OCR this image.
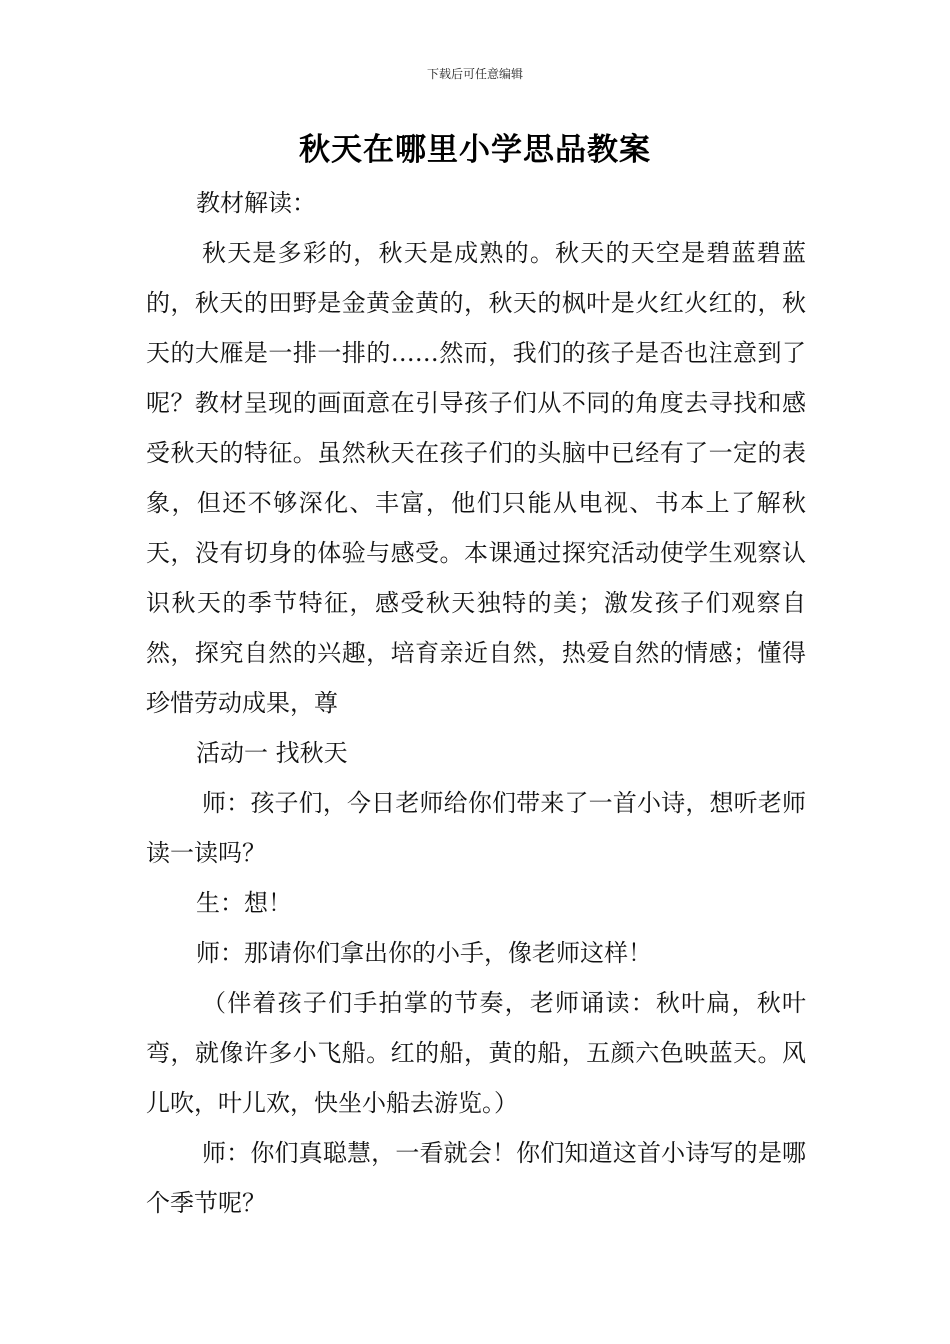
下载后可任意编辑
秋天在哪里小学思品教案

教材解读：

秋天是多彩的，秋天是成熟的。秋天的天空是碧蓝碧蓝的，秋天的田野是金黄金黄的，秋天的枫叶是火红火红的，秋天的大雁是一排一排的……然而，我们的孩子是否也注意到了呢？教材呈现的画面意在引导孩子们从不同的角度去寻找和感受秋天的特征。虽然秋天在孩子们的头脑中已经有了一定的表象，但还不够深化、丰富，他们只能从电视、书本上了解秋天，没有切身的体验与感受。本课通过探究活动使学生观察认识秋天的季节特征，感受秋天独特的美；激发孩子们观察自然，探究自然的兴趣，培育亲近自然，热爱自然的情感；懂得珍惜劳动成果，尊

活动一 找秋天

师：孩子们，今日老师给你们带来了一首小诗，想听老师读一读吗？

生：想！

师：那请你们拿出你的小手，像老师这样！

（伴着孩子们手拍掌的节奏，老师诵读：秋叶扁，秋叶弯，就像许多小飞船。红的船，黄的船，五颜六色映蓝天。风儿吹，叶儿欢，快坐小船去游览。）

师：你们真聪慧，一看就会！你们知道这首小诗写的是哪个季节呢？
